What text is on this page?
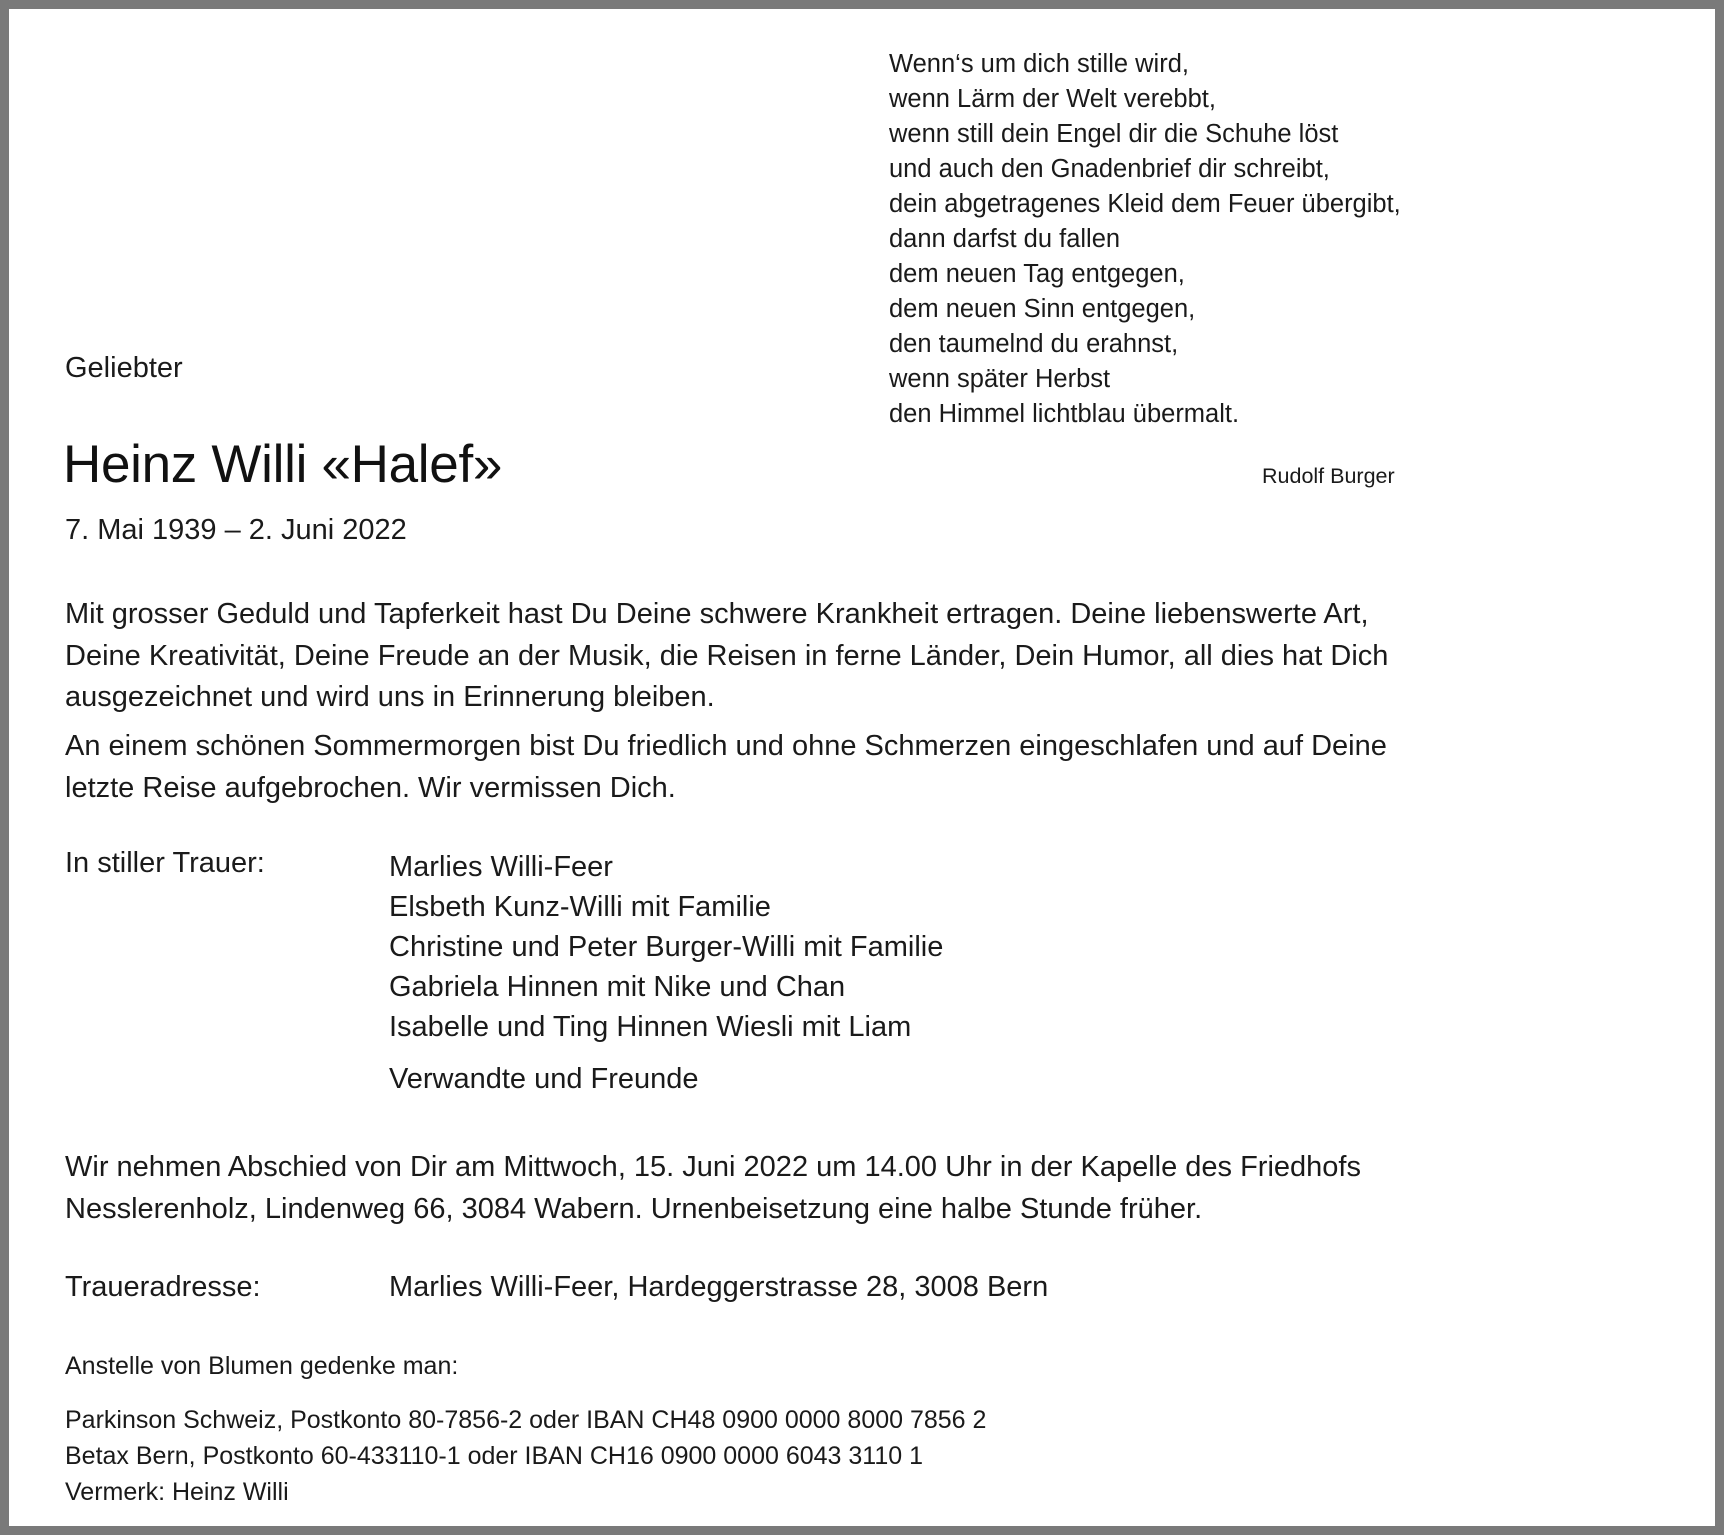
Wenn‘s um dich stille wird,
wenn Lärm der Welt verebbt,
wenn still dein Engel dir die Schuhe löst
und auch den Gnadenbrief dir schreibt,
dein abgetragenes Kleid dem Feuer übergibt,
dann darfst du fallen
dem neuen Tag entgegen,
dem neuen Sinn entgegen,
den taumelnd du erahnst,
wenn später Herbst
den Himmel lichtblau übermalt.
Rudolf Burger
Geliebter
Heinz Willi «Halef»
7. Mai 1939 – 2. Juni 2022
Mit grosser Geduld und Tapferkeit hast Du Deine schwere Krankheit ertragen. Deine liebenswerte Art,
Deine Kreativität, Deine Freude an der Musik, die Reisen in ferne Länder, Dein Humor, all dies hat Dich
ausgezeichnet und wird uns in Erinnerung bleiben.
An einem schönen Sommermorgen bist Du friedlich und ohne Schmerzen eingeschlafen und auf Deine
letzte Reise aufgebrochen. Wir vermissen Dich.
In stiller Trauer:	Marlies Willi-Feer
Elsbeth Kunz-Willi mit Familie
Christine und Peter Burger-Willi mit Familie
Gabriela Hinnen mit Nike und Chan
Isabelle und Ting Hinnen Wiesli mit Liam
Verwandte und Freunde
Wir nehmen Abschied von Dir am Mittwoch, 15. Juni 2022 um 14.00 Uhr in der Kapelle des Friedhofs
Nesslerenholz, Lindenweg 66, 3084 Wabern. Urnenbeisetzung eine halbe Stunde früher.
Traueradresse:	Marlies Willi-Feer, Hardeggerstrasse 28, 3008 Bern
Anstelle von Blumen gedenke man:
Parkinson Schweiz, Postkonto 80-7856-2 oder IBAN CH48 0900 0000 8000 7856 2
Betax Bern, Postkonto 60-433110-1 oder IBAN CH16 0900 0000 6043 3110 1
Vermerk: Heinz Willi
